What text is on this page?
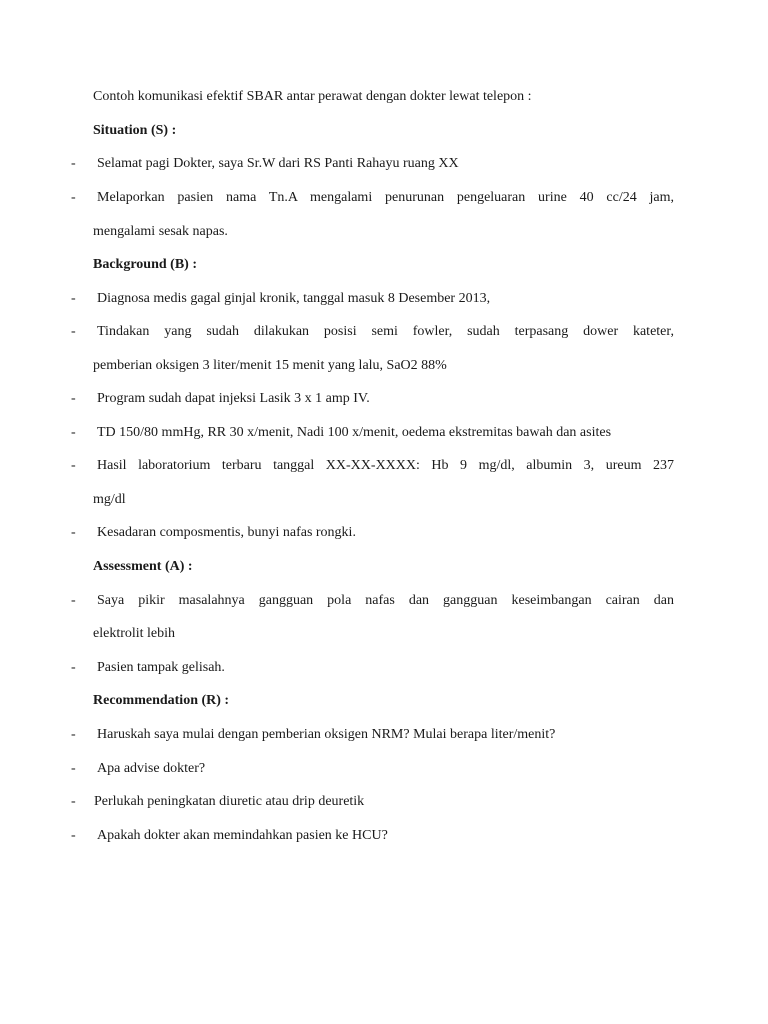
Contoh komunikasi efektif SBAR antar perawat dengan dokter lewat telepon :
Situation (S) :
- Selamat pagi Dokter, saya Sr.W dari RS Panti Rahayu ruang XX
- Melaporkan pasien nama Tn.A mengalami penurunan pengeluaran urine 40 cc/24 jam,
mengalami sesak napas.
Background (B) :
- Diagnosa medis gagal ginjal kronik, tanggal masuk 8 Desember 2013,
- Tindakan yang sudah dilakukan posisi semi fowler, sudah terpasang dower kateter,
pemberian oksigen 3 liter/menit 15 menit yang lalu, SaO2 88%
- Program sudah dapat injeksi Lasik 3 x 1 amp IV.
- TD 150/80 mmHg, RR 30 x/menit, Nadi 100 x/menit, oedema ekstremitas bawah dan asites
- Hasil laboratorium terbaru tanggal XX-XX-XXXX: Hb 9 mg/dl, albumin 3, ureum 237
mg/dl
- Kesadaran composmentis, bunyi nafas rongki.
Assessment (A) :
- Saya pikir masalahnya gangguan pola nafas dan gangguan keseimbangan cairan dan
elektrolit lebih
- Pasien tampak gelisah.
Recommendation (R) :
- Haruskah saya mulai dengan pemberian oksigen NRM? Mulai berapa liter/menit?
- Apa advise dokter?
- Perlukah peningkatan diuretic atau drip deuretik
- Apakah dokter akan memindahkan pasien ke HCU?
